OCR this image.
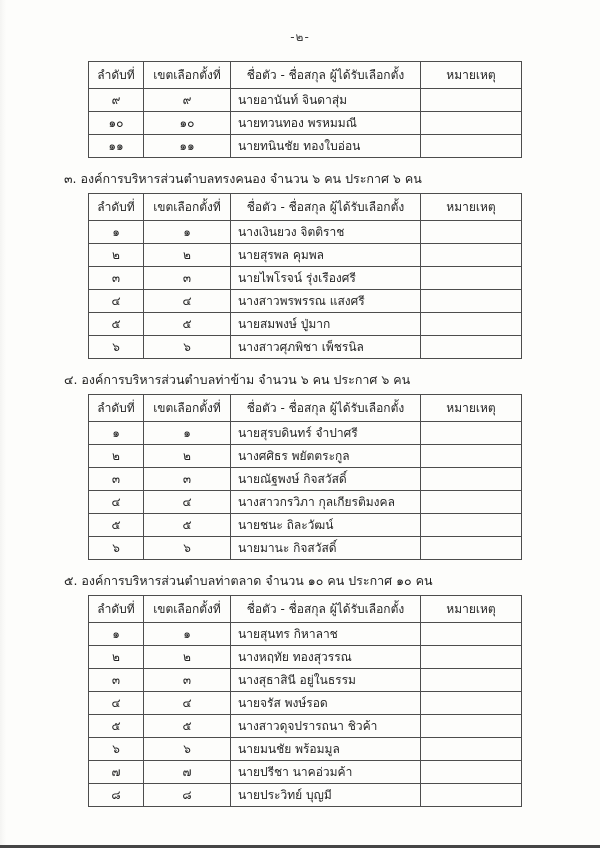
-๒-
ลำดับที่	เขตเลือกตั้งที่	ชื่อตัว - ชื่อสกุล ผู้ได้รับเลือกตั้ง	หมายเหตุ
๙	๙	นายอานันท์ จินดาสุ่ม	
๑๐	๑๐	นายทวนทอง พรหมมณี	
๑๑	๑๑	นายทนินชัย ทองใบอ่อน	
๓. องค์การบริหารส่วนตำบลทรงคนอง จำนวน ๖ คน ประกาศ ๖ คน
ลำดับที่	เขตเลือกตั้งที่	ชื่อตัว - ชื่อสกุล ผู้ได้รับเลือกตั้ง	หมายเหตุ
๑	๑	นางเงินยวง จิตติราช	
๒	๒	นายสุรพล คุมพล	
๓	๓	นายไพโรจน์ รุ่งเรืองศรี	
๔	๔	นางสาวพรพรรณ แสงศรี	
๕	๕	นายสมพงษ์ ปู่มาก	
๖	๖	นางสาวศุภพิชา เพ็ชรนิล	
๔. องค์การบริหารส่วนตำบลท่าข้าม จำนวน ๖ คน ประกาศ ๖ คน
ลำดับที่	เขตเลือกตั้งที่	ชื่อตัว - ชื่อสกุล ผู้ได้รับเลือกตั้ง	หมายเหตุ
๑	๑	นายสุรบดินทร์ จำปาศรี	
๒	๒	นางศศิธร พยัตตระกูล	
๓	๓	นายณัฐพงษ์ กิจสวัสดิ์	
๔	๔	นางสาวกรวิภา กุลเกียรติมงคล	
๕	๕	นายชนะ ถิละวัฒน์	
๖	๖	นายมานะ กิจสวัสดิ์	
๕. องค์การบริหารส่วนตำบลท่าตลาด จำนวน ๑๐ คน ประกาศ ๑๐ คน
ลำดับที่	เขตเลือกตั้งที่	ชื่อตัว - ชื่อสกุล ผู้ได้รับเลือกตั้ง	หมายเหตุ
๑	๑	นายสุนทร กิหาลาช	
๒	๒	นางหฤทัย ทองสุวรรณ	
๓	๓	นางสุธาสินี อยู่ในธรรม	
๔	๔	นายจรัส พงษ์รอด	
๕	๕	นางสาวดุจปรารถนา ชิวค้า	
๖	๖	นายมนชัย พร้อมมูล	
๗	๗	นายปรีชา นาคอ่วมค้า	
๘	๘	นายประวิทย์ บุญมี	
